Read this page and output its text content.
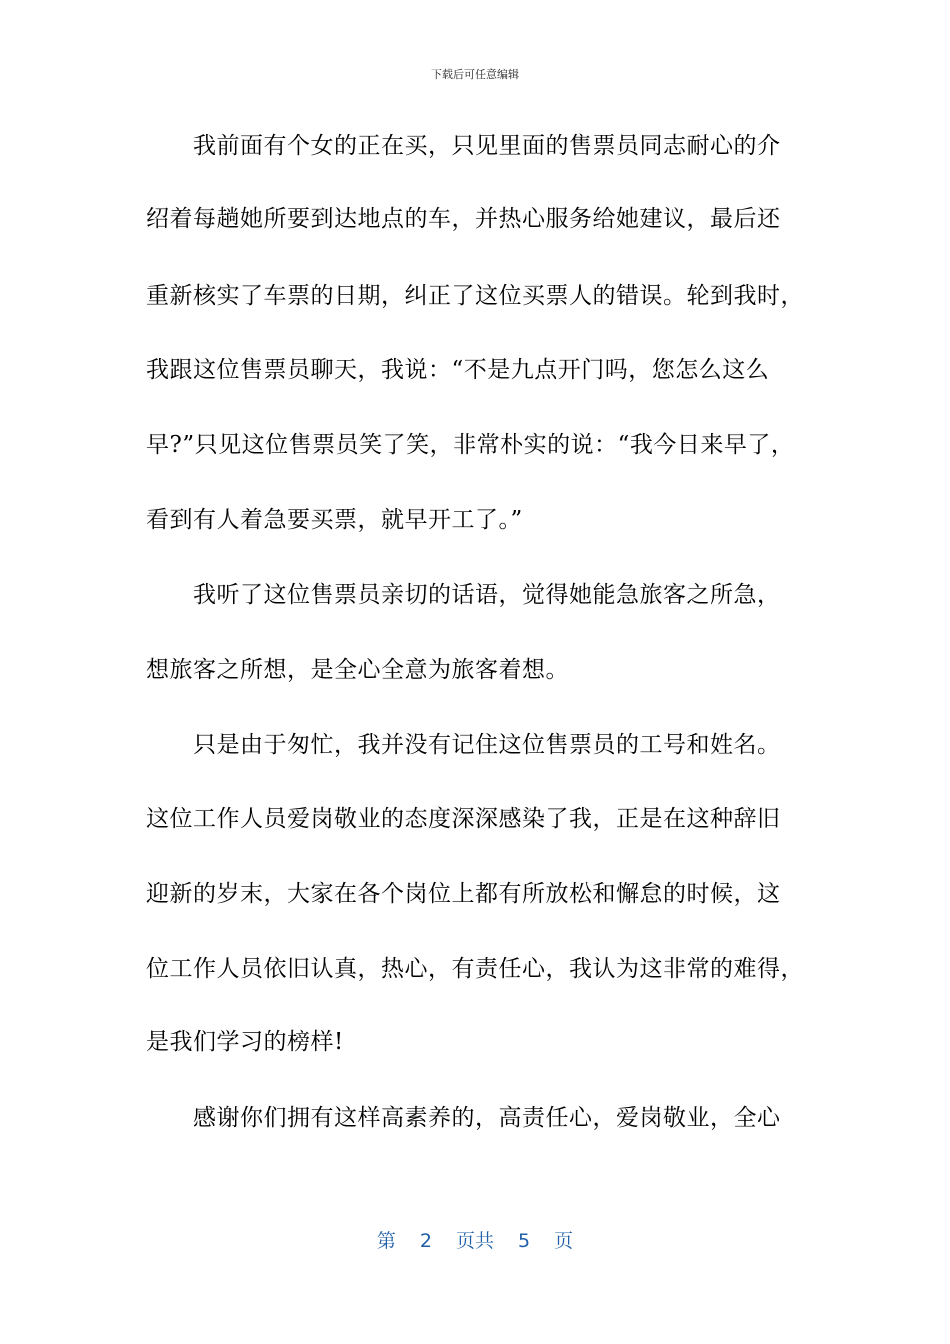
下载后可任意编辑
　　我前面有个女的正在买，只见里面的售票员同志耐心的介
绍着每趟她所要到达地点的车，并热心服务给她建议，最后还
重新核实了车票的日期，纠正了这位买票人的错误。轮到我时，
我跟这位售票员聊天，我说：“不是九点开门吗，您怎么这么
早?”只见这位售票员笑了笑，非常朴实的说：“我今日来早了，
看到有人着急要买票，就早开工了。”
　　我听了这位售票员亲切的话语，觉得她能急旅客之所急，
想旅客之所想，是全心全意为旅客着想。
　　只是由于匆忙，我并没有记住这位售票员的工号和姓名。
这位工作人员爱岗敬业的态度深深感染了我，正是在这种辞旧
迎新的岁末，大家在各个岗位上都有所放松和懈怠的时候，这
位工作人员依旧认真，热心，有责任心，我认为这非常的难得，
是我们学习的榜样!
　　感谢你们拥有这样高素养的，高责任心，爱岗敬业，全心
第 2 页共 5 页
